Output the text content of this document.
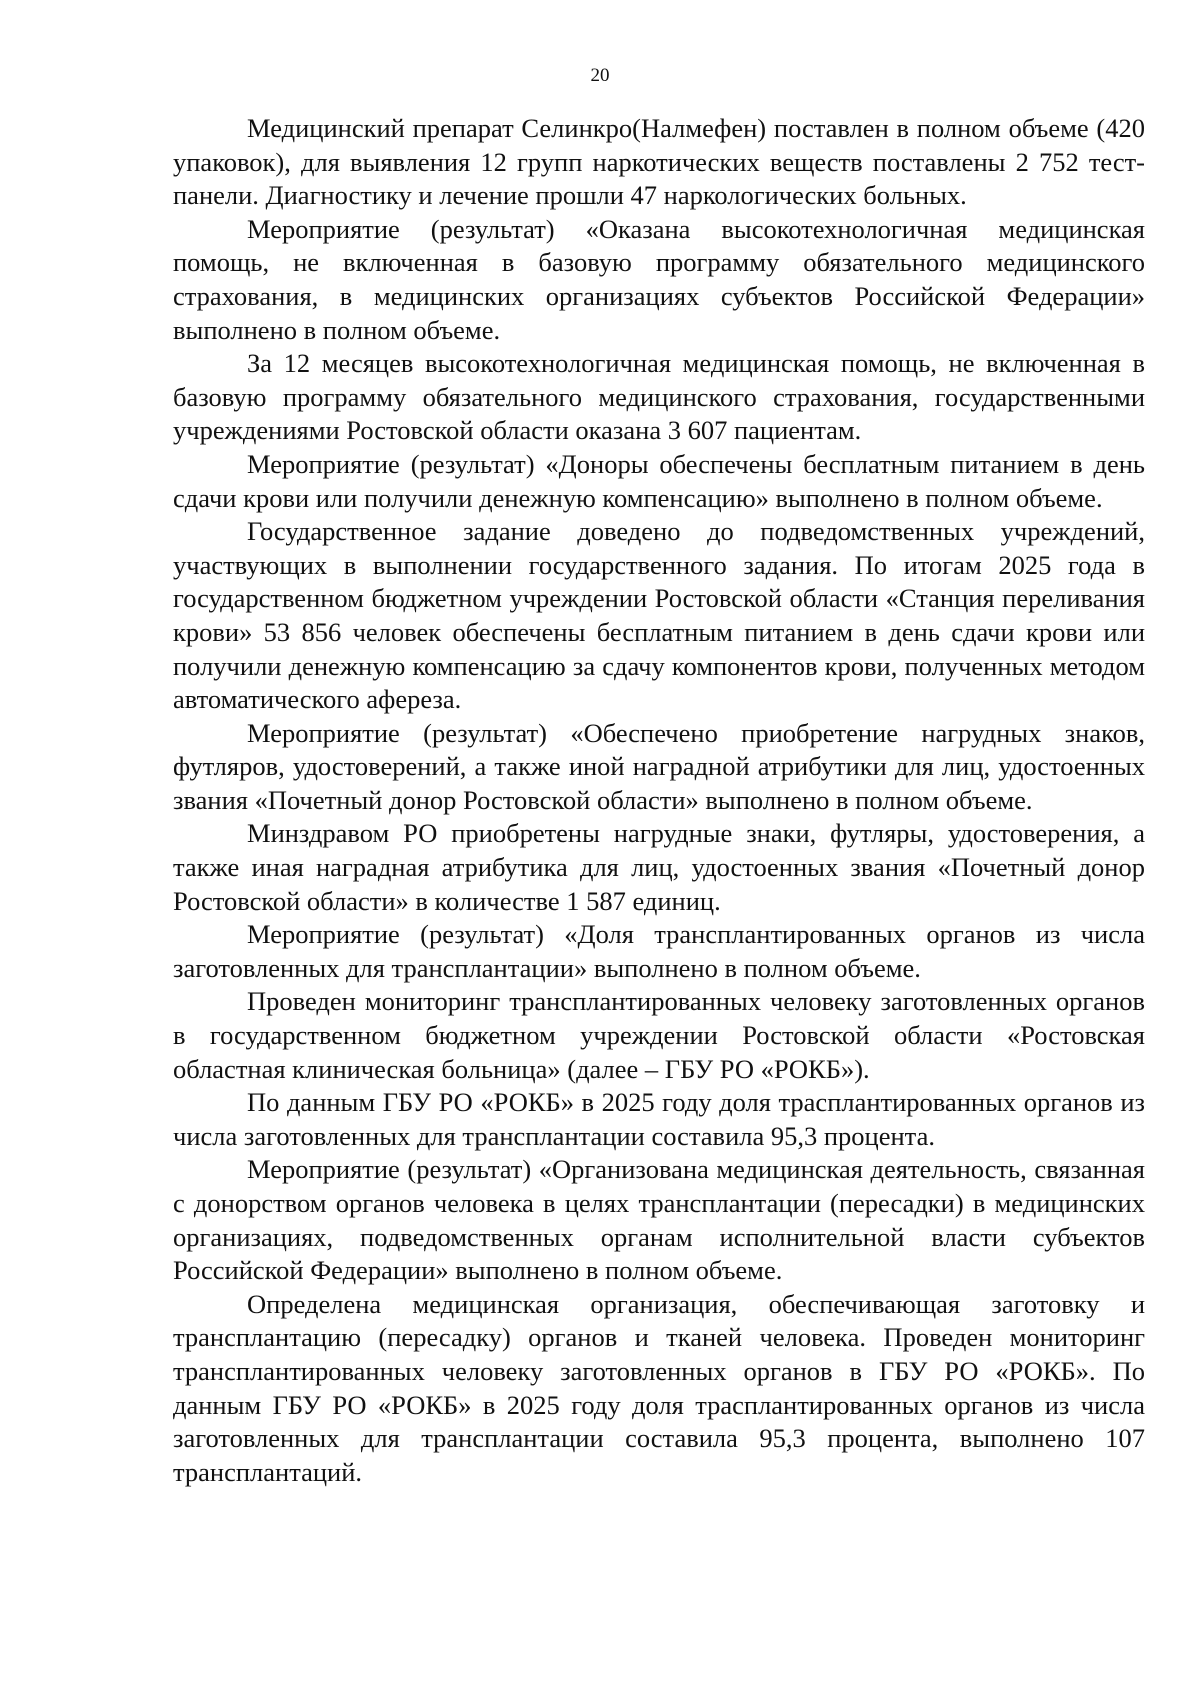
20

Медицинский препарат Селинкро(Налмефен) поставлен в полном объеме (420 упаковок), для выявления 12 групп наркотических веществ поставлены 2 752 тест-панели. Диагностику и лечение прошли 47 наркологических больных.

Мероприятие (результат) «Оказана высокотехнологичная медицинская помощь, не включенная в базовую программу обязательного медицинского страхования, в медицинских организациях субъектов Российской Федерации» выполнено в полном объеме.

За 12 месяцев высокотехнологичная медицинская помощь, не включенная в базовую программу обязательного медицинского страхования, государственными учреждениями Ростовской области оказана 3 607 пациентам.

Мероприятие (результат) «Доноры обеспечены бесплатным питанием в день сдачи крови или получили денежную компенсацию» выполнено в полном объеме.

Государственное задание доведено до подведомственных учреждений, участвующих в выполнении государственного задания. По итогам 2025 года в государственном бюджетном учреждении Ростовской области «Станция переливания крови» 53 856 человек обеспечены бесплатным питанием в день сдачи крови или получили денежную компенсацию за сдачу компонентов крови, полученных методом автоматического афереза.

Мероприятие (результат) «Обеспечено приобретение нагрудных знаков, футляров, удостоверений, а также иной наградной атрибутики для лиц, удостоенных звания «Почетный донор Ростовской области» выполнено в полном объеме.

Минздравом РО приобретены нагрудные знаки, футляры, удостоверения, а также иная наградная атрибутика для лиц, удостоенных звания «Почетный донор Ростовской области» в количестве 1 587 единиц.

Мероприятие (результат) «Доля трансплантированных органов из числа заготовленных для трансплантации» выполнено в полном объеме.

Проведен мониторинг трансплантированных человеку заготовленных органов в государственном бюджетном учреждении Ростовской области «Ростовская областная клиническая больница» (далее – ГБУ РО «РОКБ»).

По данным ГБУ РО «РОКБ» в 2025 году доля трасплантированных органов из числа заготовленных для трансплантации составила 95,3 процента.

Мероприятие (результат) «Организована медицинская деятельность, связанная с донорством органов человека в целях трансплантации (пересадки) в медицинских организациях, подведомственных органам исполнительной власти субъектов Российской Федерации» выполнено в полном объеме.

Определена медицинская организация, обеспечивающая заготовку и трансплантацию (пересадку) органов и тканей человека. Проведен мониторинг трансплантированных человеку заготовленных органов в ГБУ РО «РОКБ». По данным ГБУ РО «РОКБ» в 2025 году доля трасплантированных органов из числа заготовленных для трансплантации составила 95,3 процента, выполнено 107 трансплантаций.
